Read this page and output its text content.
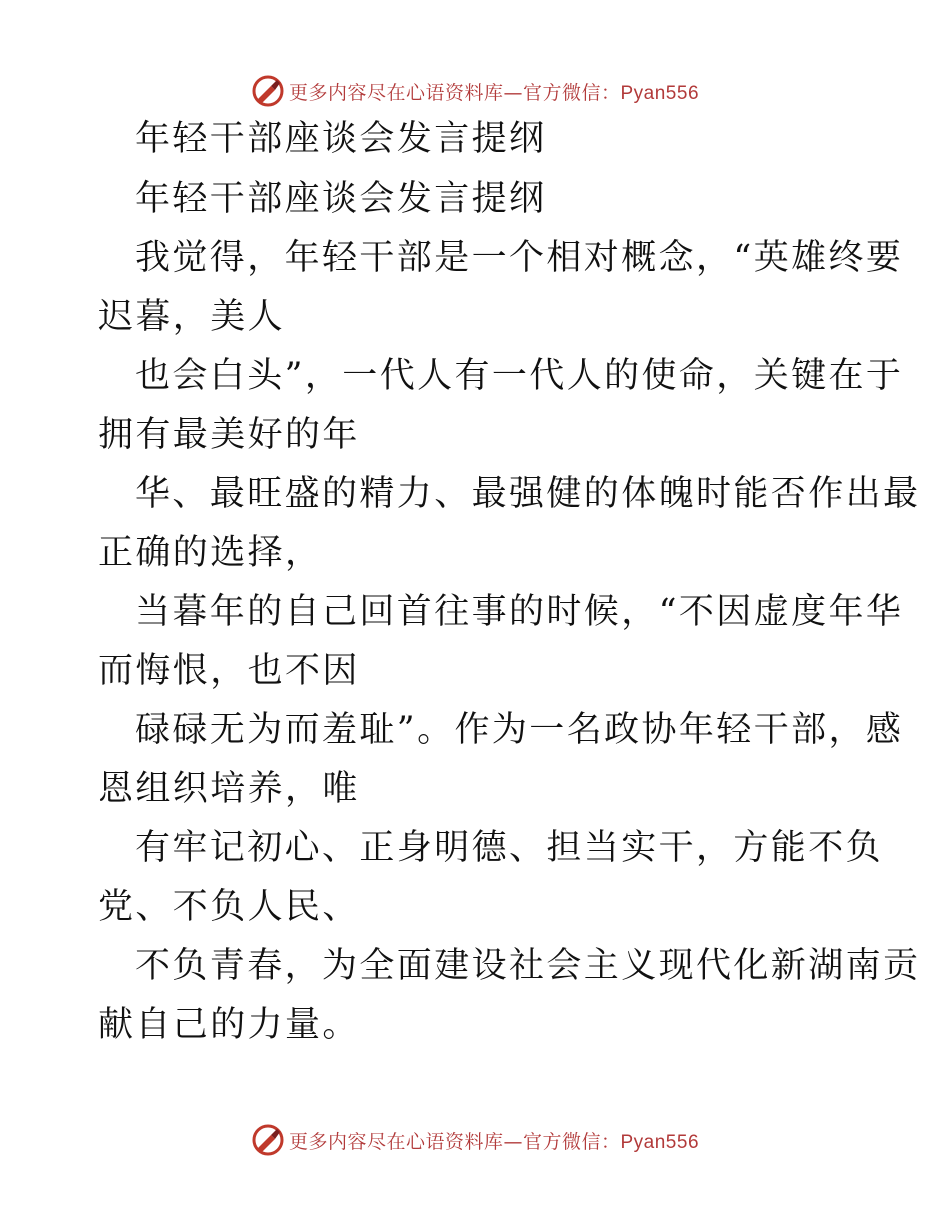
更多内容尽在心语资料库—官方微信：Pyan556
年轻干部座谈会发言提纲
年轻干部座谈会发言提纲
我觉得，年轻干部是一个相对概念，“英雄终要
迟暮，美人
也会白头”，一代人有一代人的使命，关键在于
拥有最美好的年
华、最旺盛的精力、最强健的体魄时能否作出最
正确的选择，
当暮年的自己回首往事的时候，“不因虚度年华
而悔恨，也不因
碌碌无为而羞耻”。作为一名政协年轻干部，感
恩组织培养，唯
有牢记初心、正身明德、担当实干，方能不负
党、不负人民、
不负青春，为全面建设社会主义现代化新湖南贡
献自己的力量。
更多内容尽在心语资料库—官方微信：Pyan556
